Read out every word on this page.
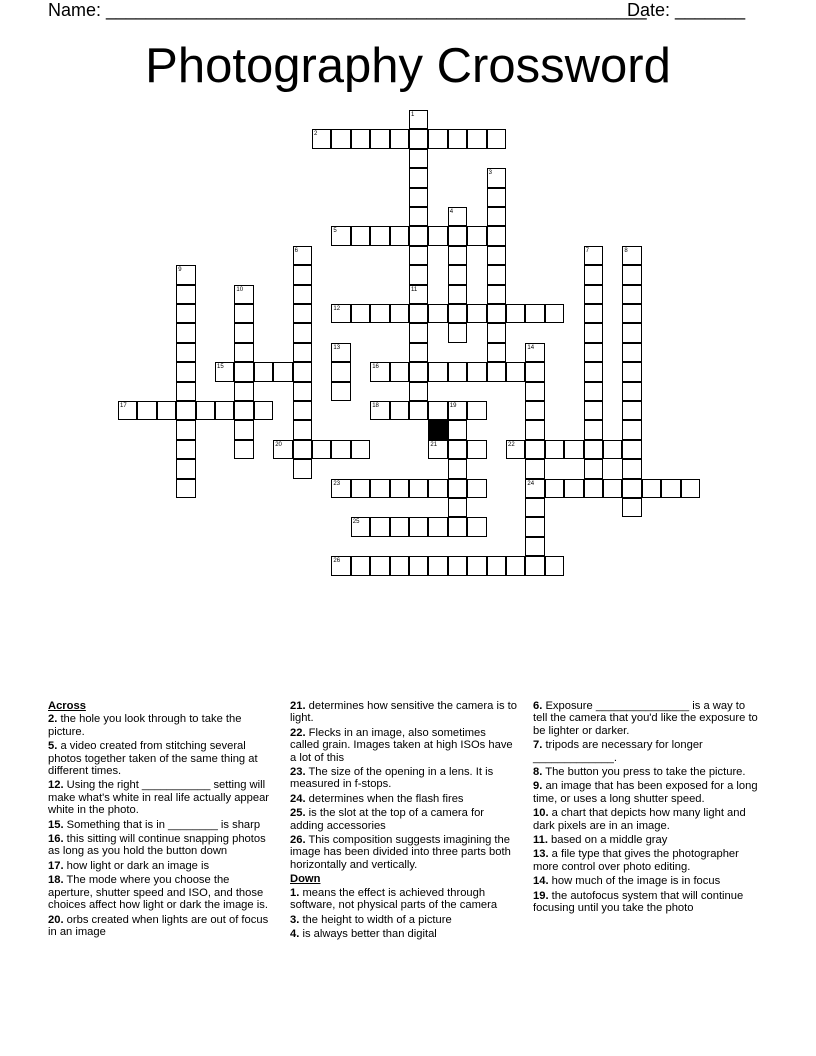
Name: ______________________________________________________
Date: _______
Photography Crossword
2
5
12
15	16
17	18	19
20	21	22
23	24
25
26
1
11
3
4
6	7	8
9
10
13	14
Across
2. the hole you look through to take the picture.
5. a video created from stitching several photos together taken of the same thing at different times.
12. Using the right ___________ setting will make what's white in real life actually appear white in the photo.
15. Something that is in ________ is sharp
16. this sitting will continue snapping photos as long as you hold the button down
17. how light or dark an image is
18. The mode where you choose the aperture, shutter speed and ISO, and those choices affect how light or dark the image is.
20. orbs created when lights are out of focus in an image
21. determines how sensitive the camera is to light.
22. Flecks in an image, also sometimes called grain. Images taken at high ISOs have a lot of this
23. The size of the opening in a lens. It is measured in f-stops.
24. determines when the flash fires
25. is the slot at the top of a camera for adding accessories
26. This composition suggests imagining the image has been divided into three parts both horizontally and vertically.
Down
1. means the effect is achieved through software, not physical parts of the camera
3. the height to width of a picture
4. is always better than digital
6. Exposure _______________ is a way to tell the camera that you'd like the exposure to be lighter or darker.
7. tripods are necessary for longer _____________.
8. The button you press to take the picture.
9. an image that has been exposed for a long time, or uses a long shutter speed.
10. a chart that depicts how many light and dark pixels are in an image.
11. based on a middle gray
13. a file type that gives the photographer more control over photo editing.
14. how much of the image is in focus
19. the autofocus system that will continue focusing until you take the photo
